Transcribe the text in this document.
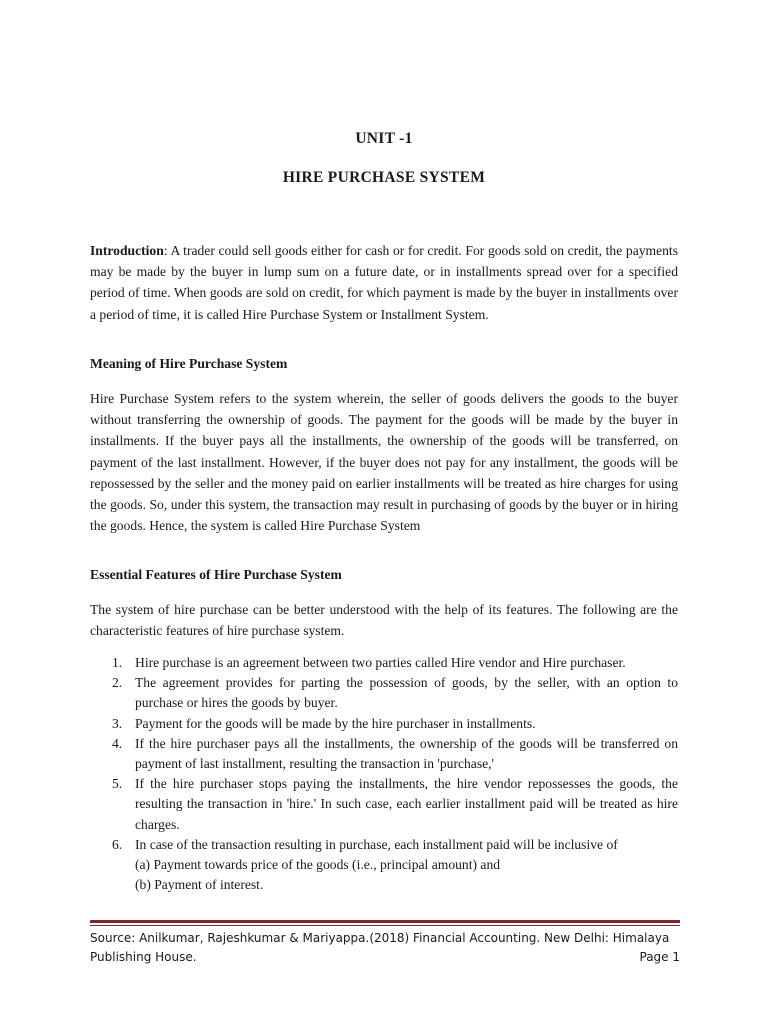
UNIT -1
HIRE PURCHASE SYSTEM

Introduction: A trader could sell goods either for cash or for credit. For goods sold on credit, the payments may be made by the buyer in lump sum on a future date, or in installments spread over for a specified period of time. When goods are sold on credit, for which payment is made by the buyer in installments over a period of time, it is called Hire Purchase System or Installment System.

Meaning of Hire Purchase System

Hire Purchase System refers to the system wherein, the seller of goods delivers the goods to the buyer without transferring the ownership of goods. The payment for the goods will be made by the buyer in installments. If the buyer pays all the installments, the ownership of the goods will be transferred, on payment of the last installment. However, if the buyer does not pay for any installment, the goods will be repossessed by the seller and the money paid on earlier installments will be treated as hire charges for using the goods. So, under this system, the transaction may result in purchasing of goods by the buyer or in hiring the goods. Hence, the system is called Hire Purchase System

Essential Features of Hire Purchase System

The system of hire purchase can be better understood with the help of its features. The following are the characteristic features of hire purchase system.

1. Hire purchase is an agreement between two parties called Hire vendor and Hire purchaser.
2. The agreement provides for parting the possession of goods, by the seller, with an option to purchase or hires the goods by buyer.
3. Payment for the goods will be made by the hire purchaser in installments.
4. If the hire purchaser pays all the installments, the ownership of the goods will be transferred on payment of last installment, resulting the transaction in 'purchase,'
5. If the hire purchaser stops paying the installments, the hire vendor repossesses the goods, the resulting the transaction in 'hire.' In such case, each earlier installment paid will be treated as hire charges.
6. In case of the transaction resulting in purchase, each installment paid will be inclusive of
(a) Payment towards price of the goods (i.e., principal amount) and
(b) Payment of interest.
Source: Anilkumar, Rajeshkumar & Mariyappa.(2018) Financial Accounting. New Delhi: Himalaya Publishing House.	Page 1
